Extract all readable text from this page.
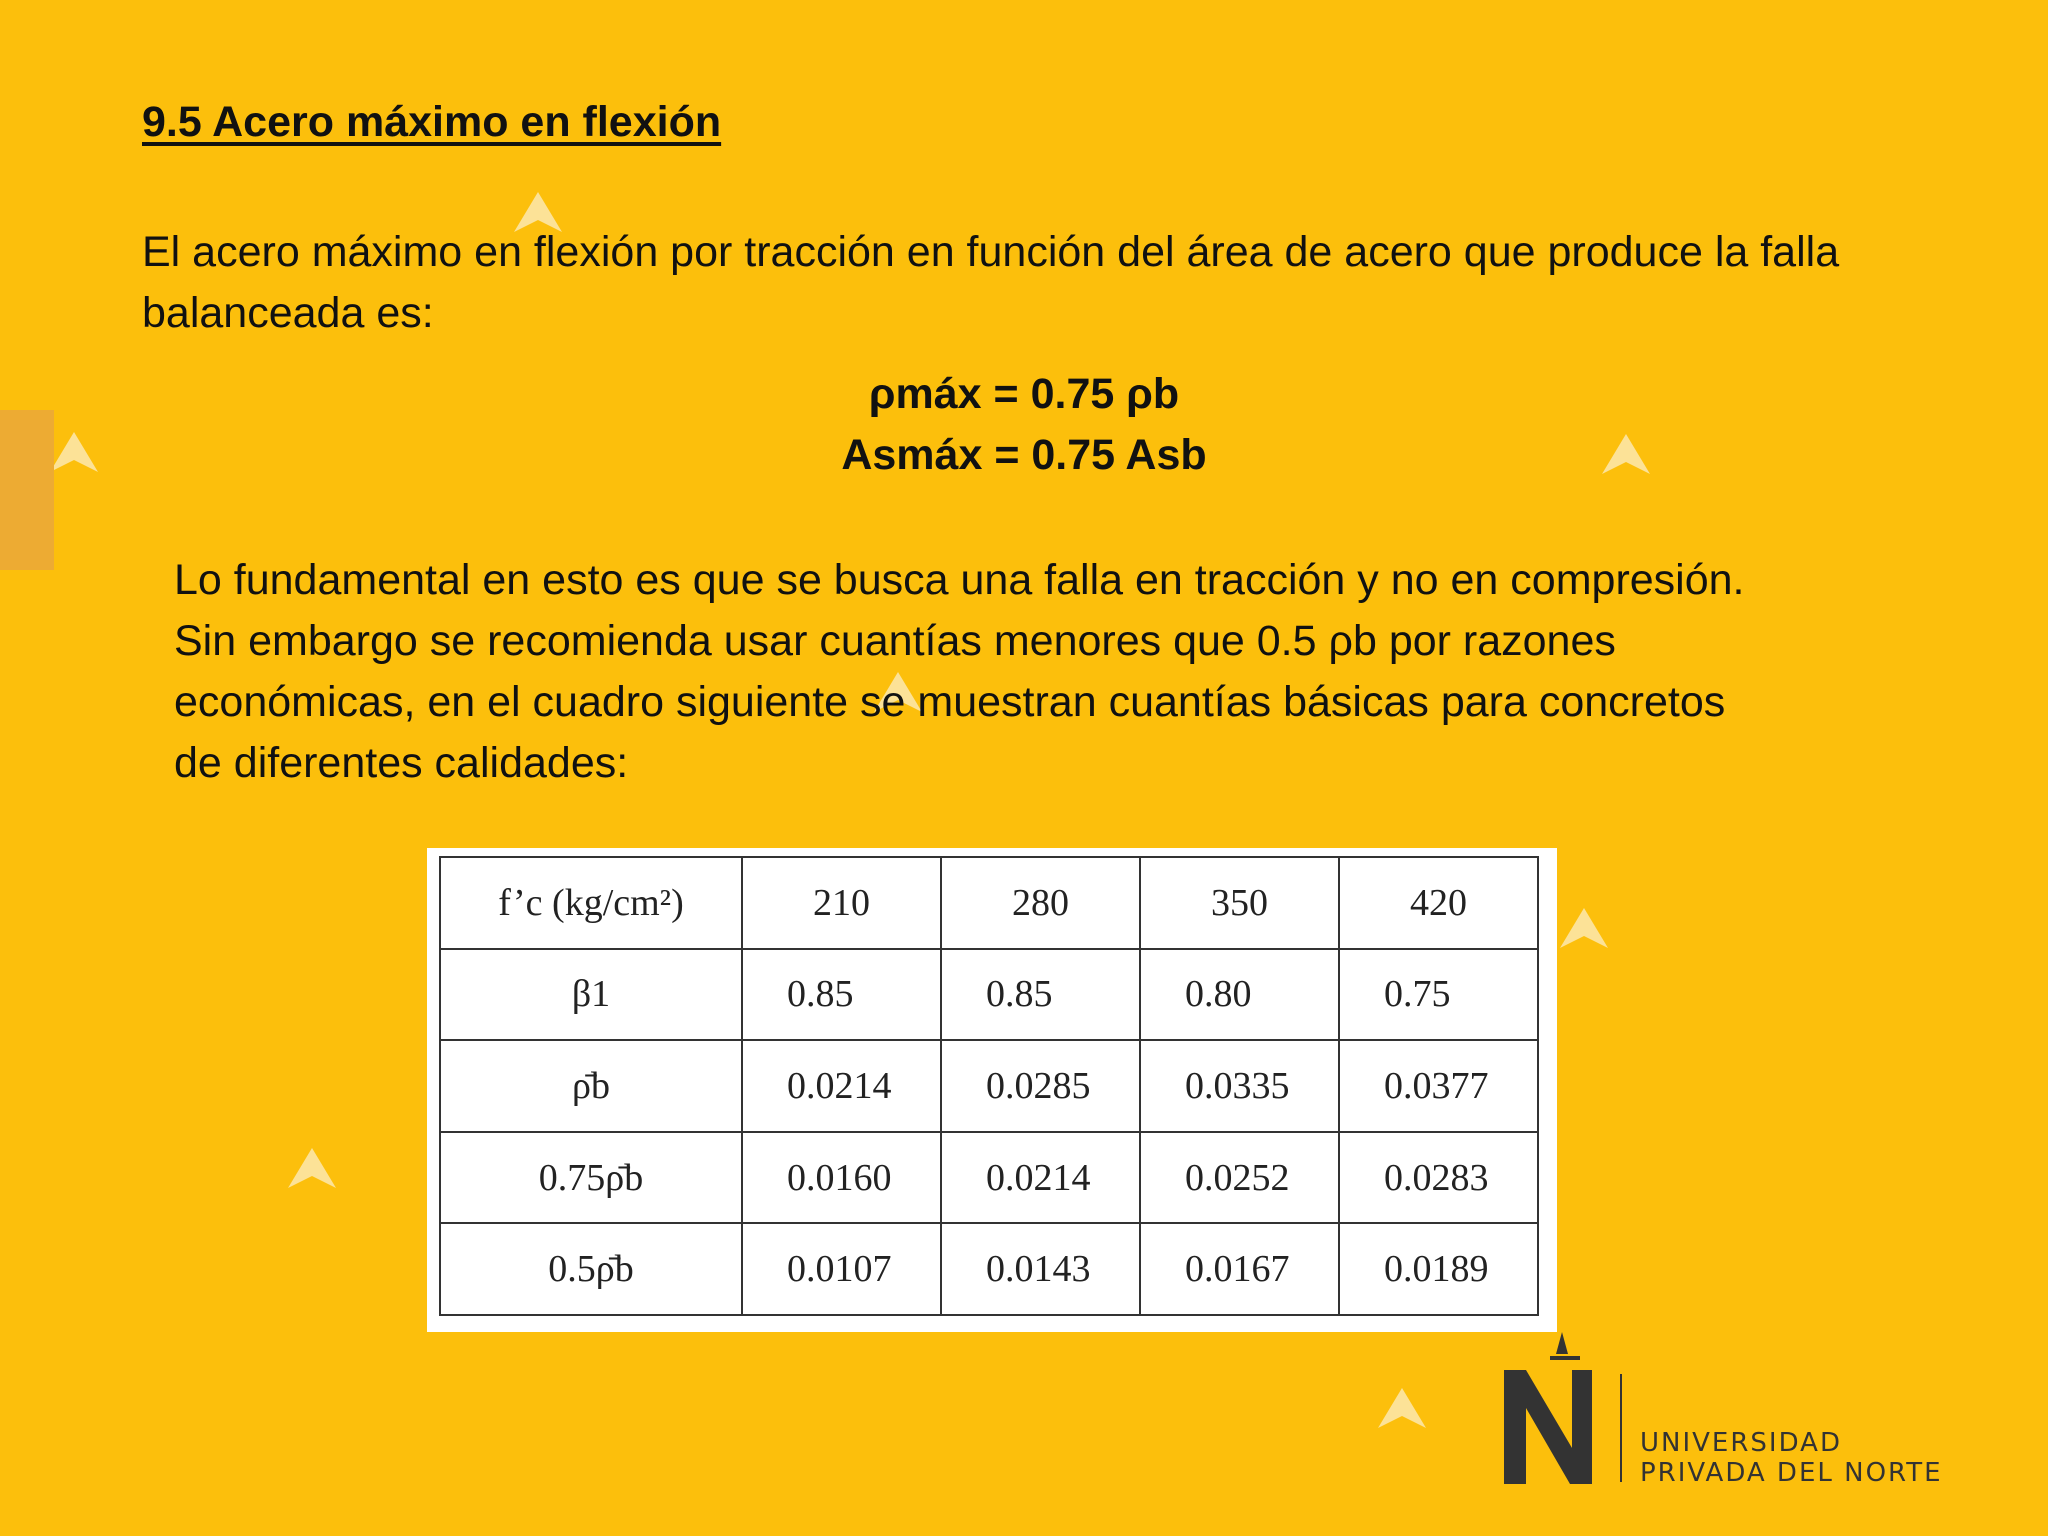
9.5 Acero máximo en flexión
El acero máximo en flexión por tracción en función del área de acero que produce la falla balanceada es:
ρmáx = 0.75 ρb
Asmáx = 0.75 Asb
Lo fundamental en esto es que se busca una falla en tracción y no en compresión.
Sin embargo se recomienda usar cuantías menores que 0.5 ρb por razones
económicas, en el cuadro siguiente se muestran cuantías básicas para concretos
de diferentes calidades:
f’c (kg/cm²)	210	280	350	420
β1	0.85	0.85	0.80	0.75
ρ̄b	0.0214	0.0285	0.0335	0.0377
0.75ρ̄b	0.0160	0.0214	0.0252	0.0283
0.5ρ̄b	0.0107	0.0143	0.0167	0.0189
UNIVERSIDAD
PRIVADA DEL NORTE
